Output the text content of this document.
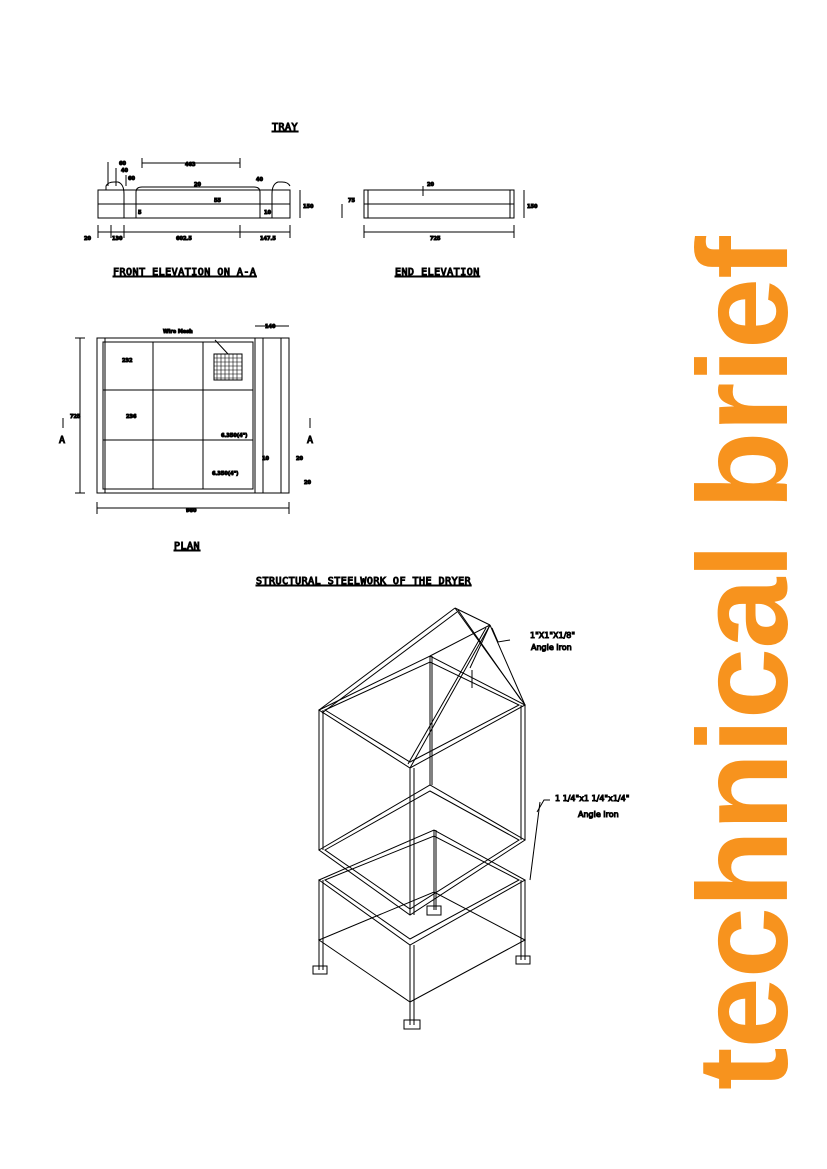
TRAY
60
40
60
463
20
55
40
5	10
150
20	130	602.5	147.5
FRONT ELEVATION ON A-A
20
75
150
725
END ELEVATION
Wire Mesh
140
232
725	236
6.350(4")
10	20
6.350(4")
20
980
A	A
PLAN
STRUCTURAL STEELWORK OF THE DRYER
1"X1"X1/8"
Angle Iron
1 1/4"x1 1/4"x1/4"
Angle Iron technical brief
